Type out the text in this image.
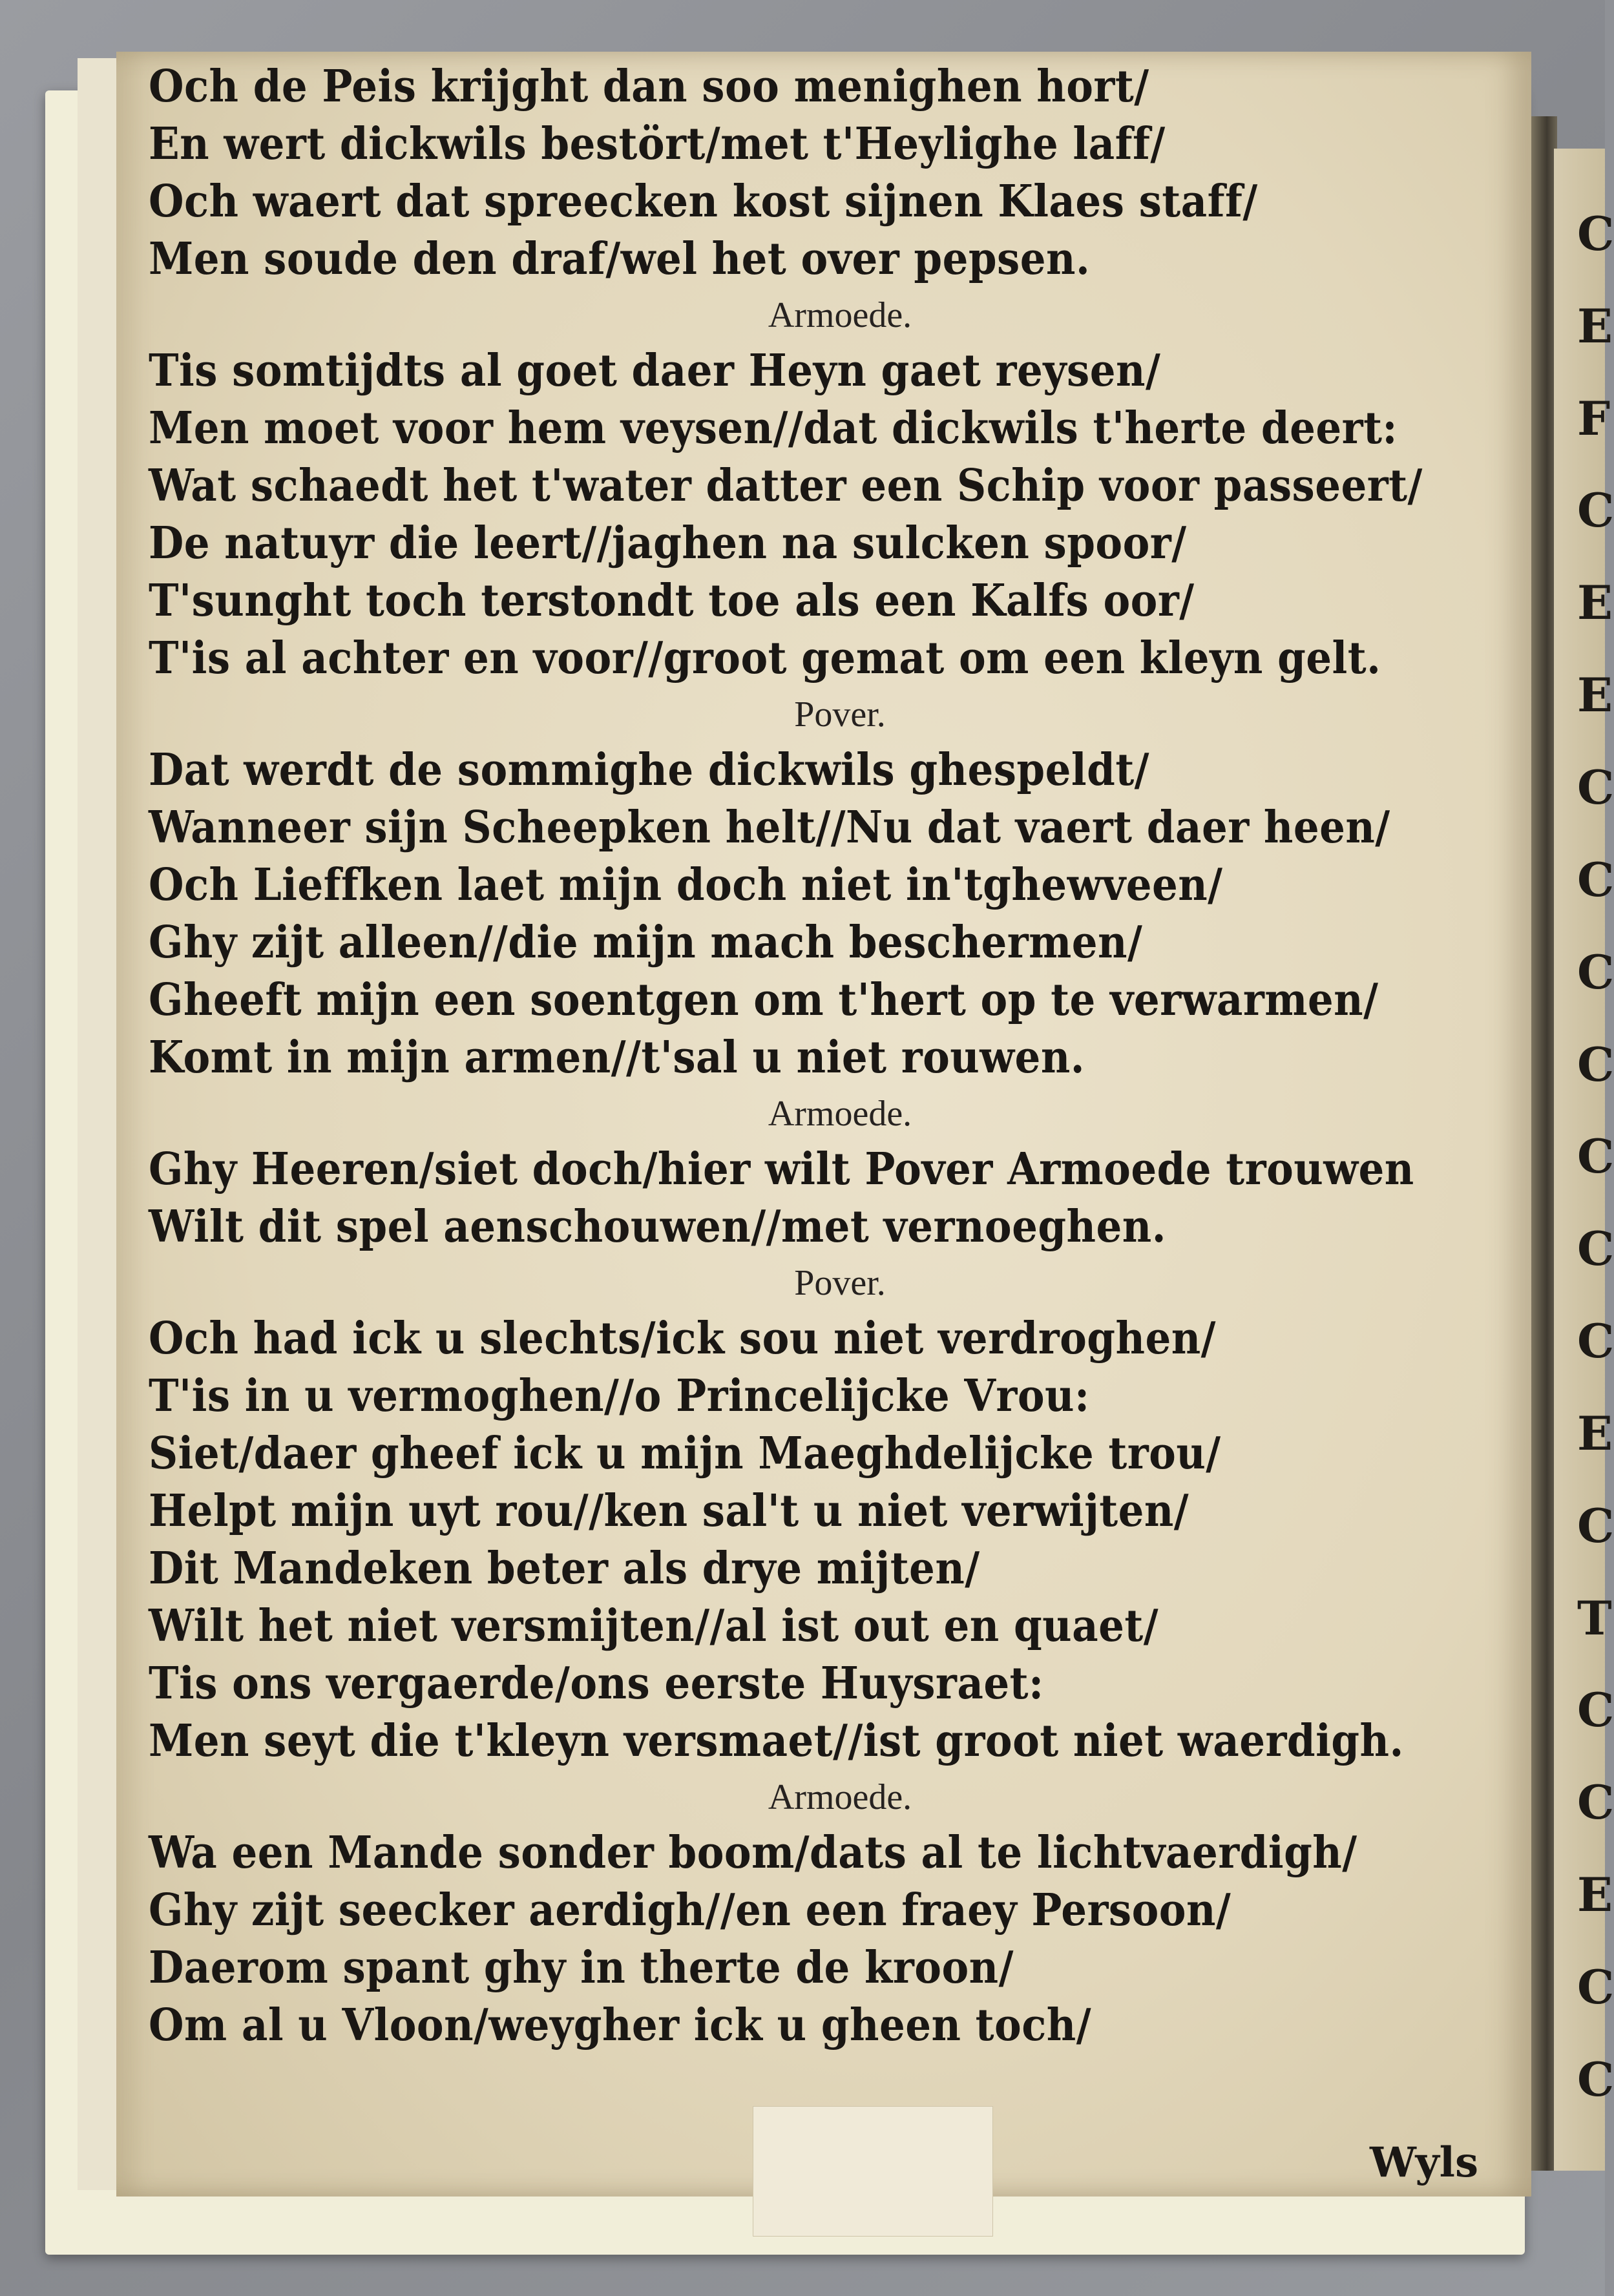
C
E
F
C
E
E
C
C
C
C
C
C
C
E
C
T
C
C
E
C
C
Och de Peis krijght dan soo menighen hort/
En wert dickwils bestört/met t'Heylighe laff/
Och waert dat spreecken kost sijnen Klaes staff/
Men soude den draf/wel het over pepsen.
Armoede.
Tis somtijdts al goet daer Heyn gaet reysen/
Men moet voor hem veysen//dat dickwils t'herte deert:
Wat schaedt het t'water datter een Schip voor passeert/
De natuyr die leert//jaghen na sulcken spoor/
T'sunght toch terstondt toe als een Kalfs oor/
T'is al achter en voor//groot gemat om een kleyn gelt.
Pover.
Dat werdt de sommighe dickwils ghespeldt/
Wanneer sijn Scheepken helt//Nu dat vaert daer heen/
Och Lieffken laet mijn doch niet in'tghewveen/
Ghy zijt alleen//die mijn mach beschermen/
Gheeft mijn een soentgen om t'hert op te verwarmen/
Komt in mijn armen//t'sal u niet rouwen.
Armoede.
Ghy Heeren/siet doch/hier wilt Pover Armoede trouwen
Wilt dit spel aenschouwen//met vernoeghen.
Pover.
Och had ick u slechts/ick sou niet verdroghen/
T'is in u vermoghen//o Princelijcke Vrou:
Siet/daer gheef ick u mijn Maeghdelijcke trou/
Helpt mijn uyt rou//ken sal't u niet verwijten/
Dit Mandeken beter als drye mijten/
Wilt het niet versmijten//al ist out en quaet/
Tis ons vergaerde/ons eerste Huysraet:
Men seyt die t'kleyn versmaet//ist groot niet waerdigh.
Armoede.
Wa een Mande sonder boom/dats al te lichtvaerdigh/
Ghy zijt seecker aerdigh//en een fraey Persoon/
Daerom spant ghy in therte de kroon/
Om al u Vloon/weygher ick u gheen toch/
Wyls
